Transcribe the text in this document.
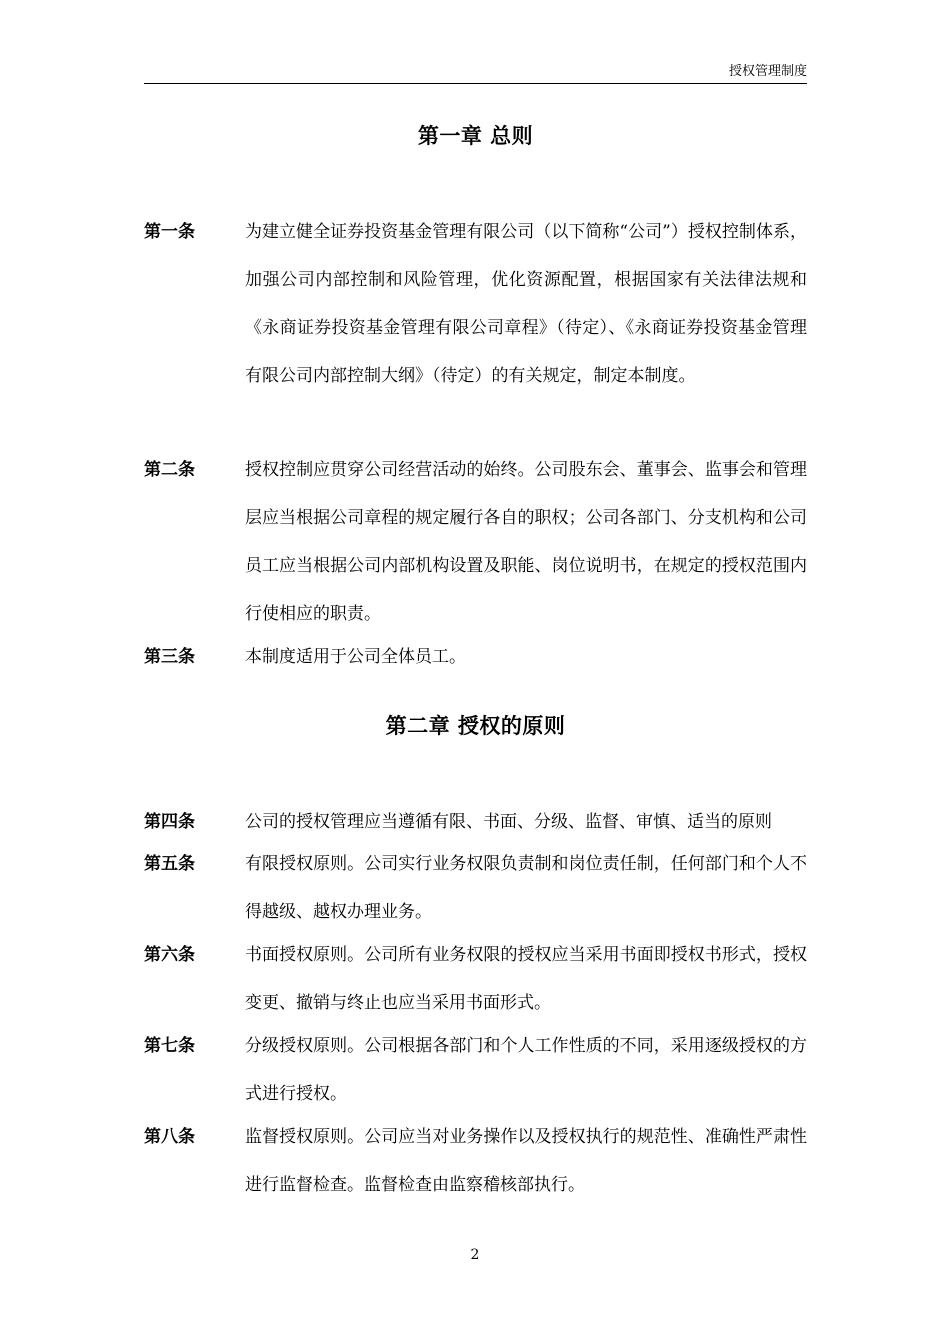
授权管理制度
第一章 总则
第一条	为建立健全证券投资基金管理有限公司（以下简称“公司”）授权控制体系，加强公司内部控制和风险管理，优化资源配置，根据国家有关法律法规和《永商证券投资基金管理有限公司章程》（待定）、《永商证券投资基金管理有限公司内部控制大纲》（待定）的有关规定，制定本制度。
第二条	授权控制应贯穿公司经营活动的始终。公司股东会、董事会、监事会和管理层应当根据公司章程的规定履行各自的职权；公司各部门、分支机构和公司员工应当根据公司内部机构设置及职能、岗位说明书，在规定的授权范围内行使相应的职责。
第三条	本制度适用于公司全体员工。
第二章 授权的原则
第四条	公司的授权管理应当遵循有限、书面、分级、监督、审慎、适当的原则
第五条	有限授权原则。公司实行业务权限负责制和岗位责任制，任何部门和个人不得越级、越权办理业务。
第六条	书面授权原则。公司所有业务权限的授权应当采用书面即授权书形式，授权变更、撤销与终止也应当采用书面形式。
第七条	分级授权原则。公司根据各部门和个人工作性质的不同，采用逐级授权的方式进行授权。
第八条	监督授权原则。公司应当对业务操作以及授权执行的规范性、准确性严肃性进行监督检查。监督检查由监察稽核部执行。
2
